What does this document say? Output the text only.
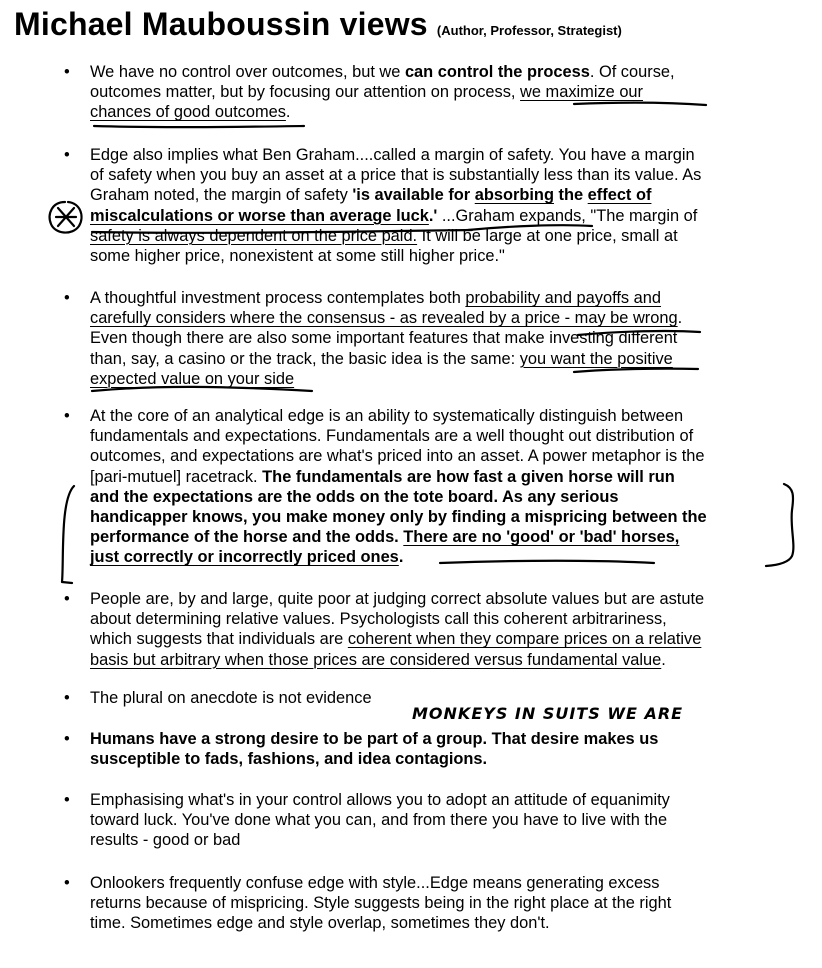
Michael Mauboussin views (Author, Professor, Strategist)
• We have no control over outcomes, but we can control the process. Of course,
outcomes matter, but by focusing our attention on process, we maximize our
chances of good outcomes.
• Edge also implies what Ben Graham....called a margin of safety. You have a margin
of safety when you buy an asset at a price that is substantially less than its value. As
Graham noted, the margin of safety 'is available for absorbing the effect of
miscalculations or worse than average luck.' ...Graham expands, "The margin of
safety is always dependent on the price paid. It will be large at one price, small at
some higher price, nonexistent at some still higher price."
• A thoughtful investment process contemplates both probability and payoffs and
carefully considers where the consensus - as revealed by a price - may be wrong.
Even though there are also some important features that make investing different
than, say, a casino or the track, the basic idea is the same: you want the positive
expected value on your side
• At the core of an analytical edge is an ability to systematically distinguish between
fundamentals and expectations. Fundamentals are a well thought out distribution of
outcomes, and expectations are what's priced into an asset. A power metaphor is the
[pari-mutuel] racetrack. The fundamentals are how fast a given horse will run
and the expectations are the odds on the tote board. As any serious
handicapper knows, you make money only by finding a mispricing between the
performance of the horse and the odds. There are no 'good' or 'bad' horses,
just correctly or incorrectly priced ones.
• People are, by and large, quite poor at judging correct absolute values but are astute
about determining relative values. Psychologists call this coherent arbitrariness,
which suggests that individuals are coherent when they compare prices on a relative
basis but arbitrary when those prices are considered versus fundamental value.
• The plural on anecdote is not evidence
• Humans have a strong desire to be part of a group. That desire makes us
susceptible to fads, fashions, and idea contagions.
• Emphasising what's in your control allows you to adopt an attitude of equanimity
toward luck. You've done what you can, and from there you have to live with the
results - good or bad
• Onlookers frequently confuse edge with style...Edge means generating excess
returns because of mispricing. Style suggests being in the right place at the right
time. Sometimes edge and style overlap, sometimes they don't.
MONKEYS IN SUITS WE ARE
